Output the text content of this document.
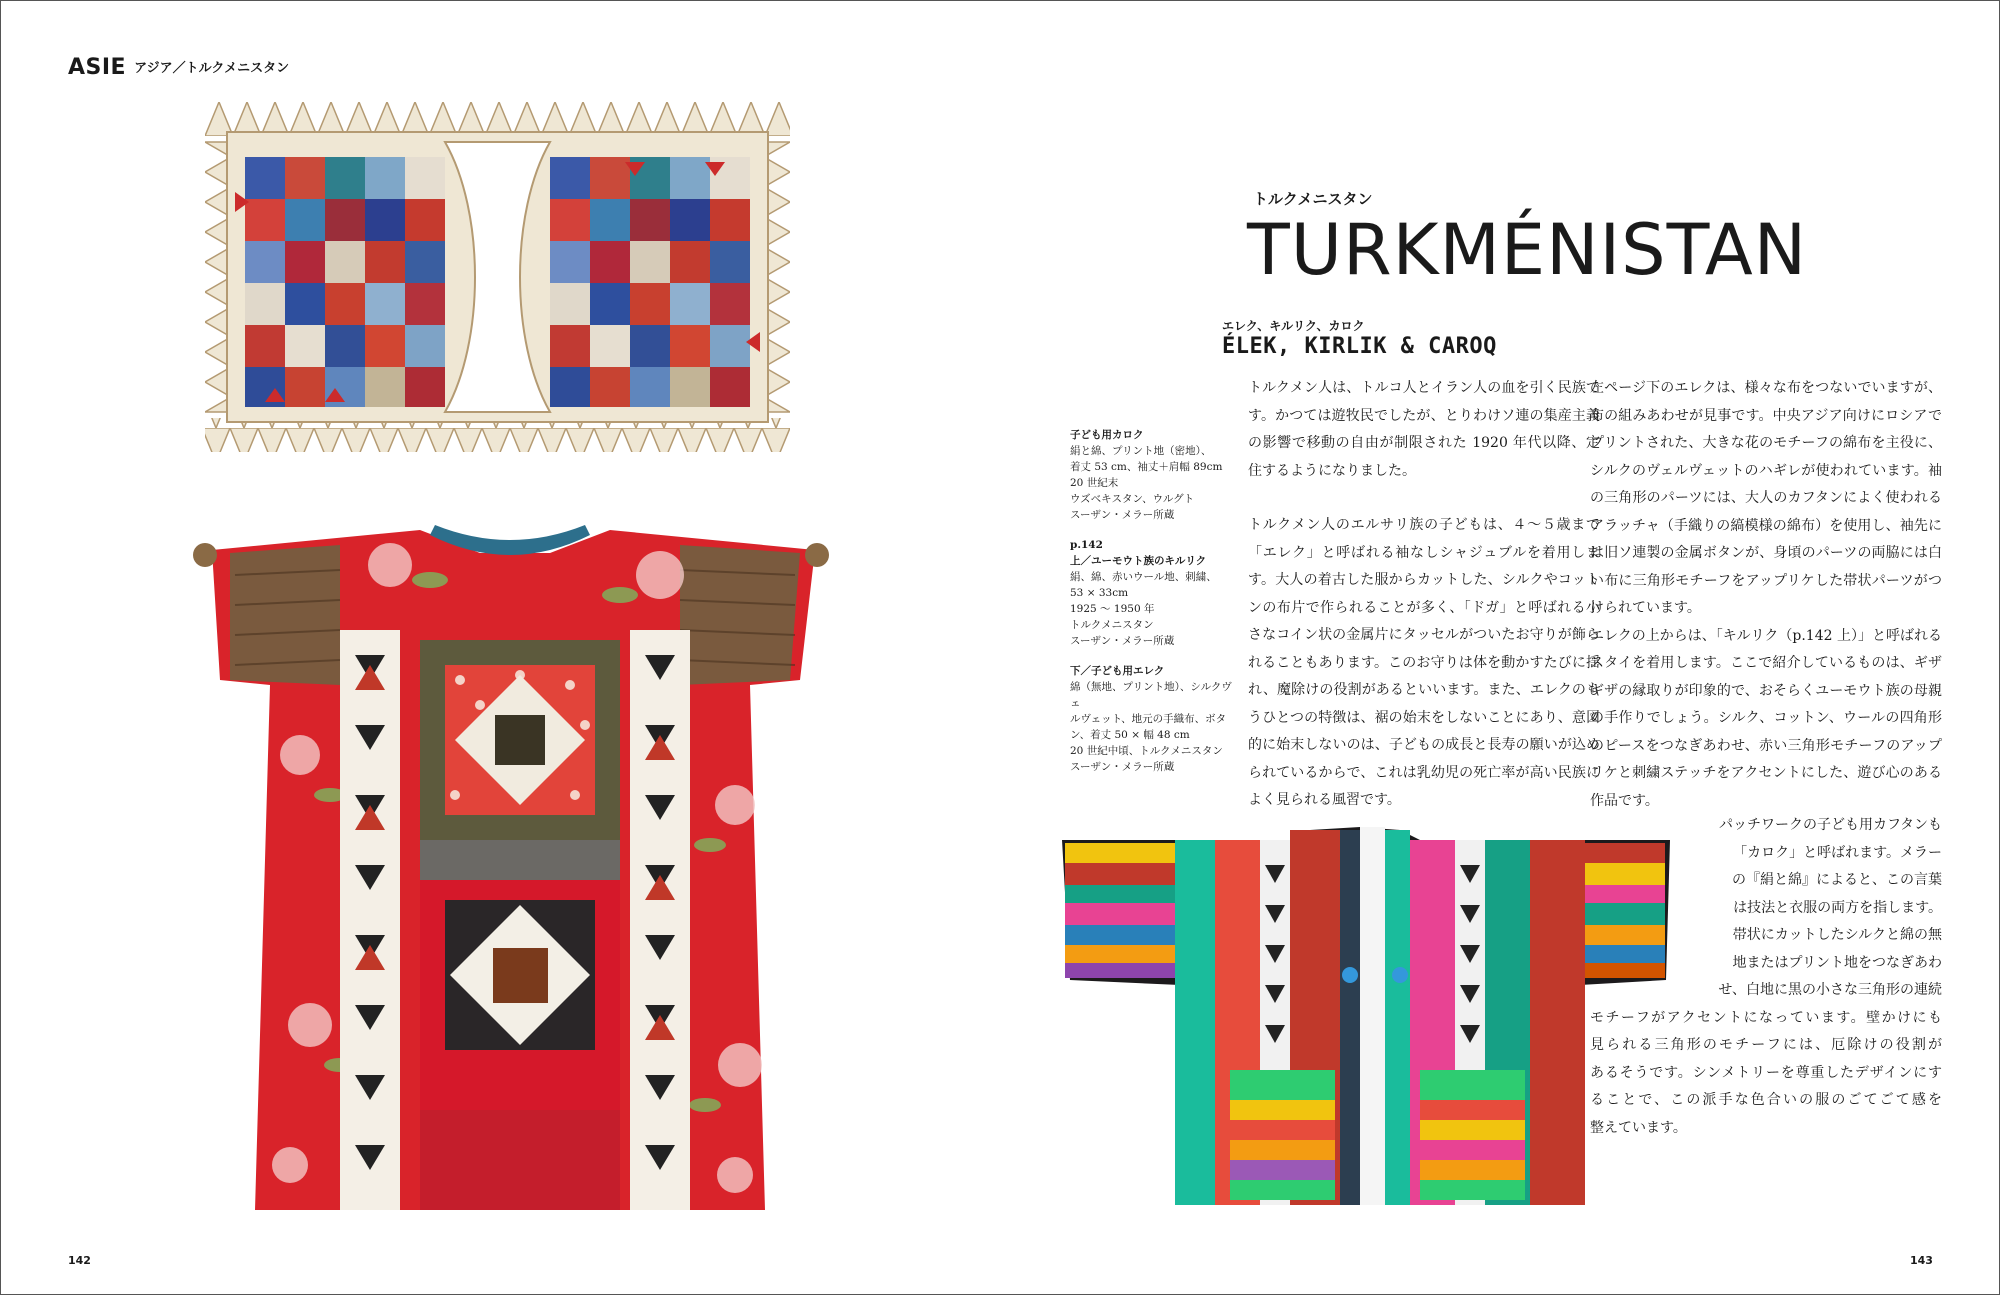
ASIE アジア／トルクメニスタン
142
トルクメニスタン
TURKMÉNISTAN
エレク、キルリク、カロク
ÉLEK, KIRLIK & CAROQ

子ども用カロク
絹と綿、プリント地（密地）、
着丈 53 cm、袖丈＋肩幅 89cm
20 世紀末
ウズベキスタン、ウルグト
スーザン・メラー所蔵

p.142
上／ユーモウト族のキルリク
絹、綿、赤いウール地、刺繍、
53 × 33cm
1925 ～ 1950 年
トルクメニスタン
スーザン・メラー所蔵

下／子ども用エレク
綿（無地、プリント地）、シルクヴェ
ルヴェット、地元の手織布、ボタ
ン、着丈 50 × 幅 48 cm
20 世紀中頃、トルクメニスタン
スーザン・メラー所蔵

トルクメン人は、トルコ人とイラン人の血を引く民族です。かつては遊牧民でしたが、とりわけソ連の集産主義の影響で移動の自由が制限された 1920 年代以降、定住するようになりました。

トルクメン人のエルサリ族の子どもは、４～５歳まで「エレク」と呼ばれる袖なしシャジュブルを着用します。大人の着古した服からカットした、シルクやコットンの布片で作られることが多く、「ドガ」と呼ばれる小さなコイン状の金属片にタッセルがついたお守りが飾られることもあります。このお守りは体を動かすたびに揺れ、魔除けの役割があるといいます。また、エレクのもうひとつの特徴は、裾の始末をしないことにあり、意図的に始末しないのは、子どもの成長と長寿の願いが込められているからで、これは乳幼児の死亡率が高い民族によく見られる風習です。

左ページ下のエレクは、様々な布をつないでいますが、布の組みあわせが見事です。中央アジア向けにロシアでプリントされた、大きな花のモチーフの綿布を主役に、シルクのヴェルヴェットのハギレが使われています。袖の三角形のパーツには、大人のカフタンによく使われるアラッチャ（手織りの縞模様の綿布）を使用し、袖先には旧ソ連製の金属ボタンが、身頃のパーツの両脇には白い布に三角形モチーフをアップリケした帯状パーツがつけられています。

エレクの上からは、「キルリク（p.142 上）」と呼ばれるスタイを着用します。ここで紹介しているものは、ギザギザの縁取りが印象的で、おそらくユーモウト族の母親の手作りでしょう。シルク、コットン、ウールの四角形のピースをつなぎあわせ、赤い三角形モチーフのアップリケと刺繍ステッチをアクセントにした、遊び心のある作品です。

パッチワークの子ども用カフタンも
「カロク」と呼ばれます。メラー
の『絹と綿』によると、この言葉
は技法と衣服の両方を指します。
帯状にカットしたシルクと綿の無
地またはプリント地をつなぎあわ
せ、白地に黒の小さな三角形の連続
モチーフがアクセントになっています。壁かけにも
見られる三角形のモチーフには、厄除けの役割が
あるそうです。シンメトリーを尊重したデザインにす
ることで、この派手な色合いの服のごてごて感を
整えています。
143
